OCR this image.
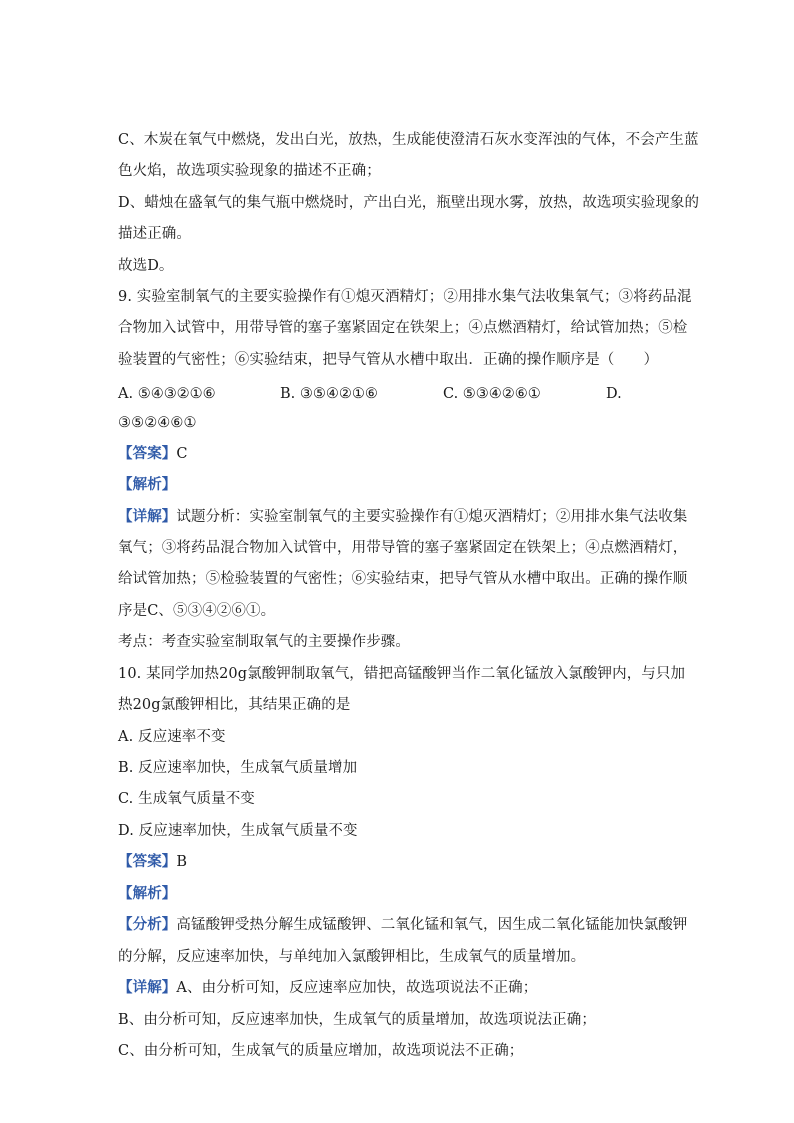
C、木炭在氧气中燃烧，发出白光，放热，生成能使澄清石灰水变浑浊的气体，不会产生蓝
色火焰，故选项实验现象的描述不正确；
D、蜡烛在盛氧气的集气瓶中燃烧时，产出白光，瓶壁出现水雾，放热，故选项实验现象的
描述正确。
故选D。
9. 实验室制氧气的主要实验操作有①熄灭酒精灯；②用排水集气法收集氧气；③将药品混
合物加入试管中，用带导管的塞子塞紧固定在铁架上；④点燃酒精灯，给试管加热；⑤检
验装置的气密性；⑥实验结束，把导气管从水槽中取出．正确的操作顺序是（　　）
A. ⑤④③②①⑥	B. ③⑤④②①⑥	C. ⑤③④②⑥①	D.
③⑤②④⑥①
【答案】C
【解析】
【详解】试题分析：实验室制氧气的主要实验操作有①熄灭酒精灯；②用排水集气法收集
氧气；③将药品混合物加入试管中，用带导管的塞子塞紧固定在铁架上；④点燃酒精灯，
给试管加热；⑤检验装置的气密性；⑥实验结束，把导气管从水槽中取出。正确的操作顺
序是C、⑤③④②⑥①。
考点：考查实验室制取氧气的主要操作步骤。
10. 某同学加热20g氯酸钾制取氧气，错把高锰酸钾当作二氧化锰放入氯酸钾内，与只加
热20g氯酸钾相比，其结果正确的是
A. 反应速率不变
B. 反应速率加快，生成氧气质量增加
C. 生成氧气质量不变
D. 反应速率加快，生成氧气质量不变
【答案】B
【解析】
【分析】高锰酸钾受热分解生成锰酸钾、二氧化锰和氧气，因生成二氧化锰能加快氯酸钾
的分解，反应速率加快，与单纯加入氯酸钾相比，生成氧气的质量增加。
【详解】A、由分析可知，反应速率应加快，故选项说法不正确；
B、由分析可知，反应速率加快，生成氧气的质量增加，故选项说法正确；
C、由分析可知，生成氧气的质量应增加，故选项说法不正确；
